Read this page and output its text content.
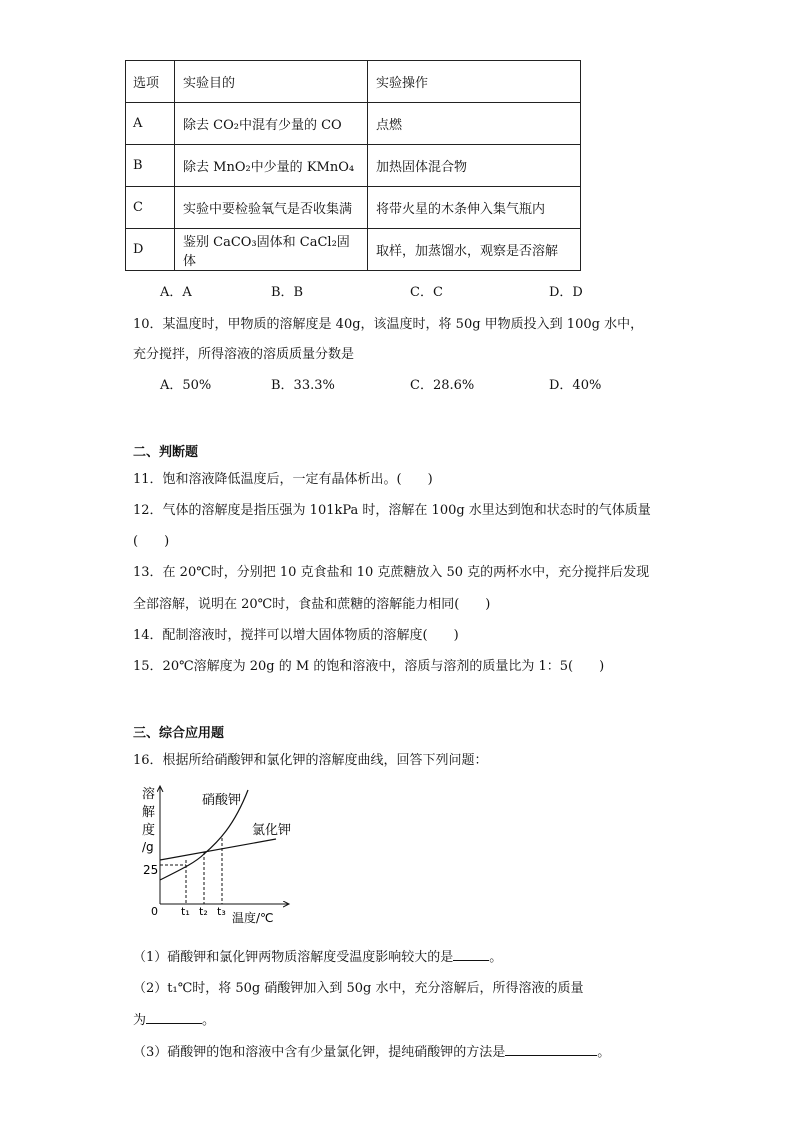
选项	实验目的	实验操作
A	除去 CO₂中混有少量的 CO	点燃
B	除去 MnO₂中少量的 KMnO₄	加热固体混合物
C	实验中要检验氧气是否收集满	将带火星的木条伸入集气瓶内
D	鉴别 CaCO₃固体和 CaCl₂固体	取样，加蒸馏水，观察是否溶解
A．A	B．B	C．C	D．D
10．某温度时，甲物质的溶解度是 40g，该温度时，将 50g 甲物质投入到 100g 水中，
充分搅拌，所得溶液的溶质质量分数是
A．50%	B．33.3%	C．28.6%	D．40%
二、判断题
11．饱和溶液降低温度后，一定有晶体析出。(　　)
12．气体的溶解度是指压强为 101kPa 时，溶解在 100g 水里达到饱和状态时的气体质量
(　　)
13．在 20℃时，分别把 10 克食盐和 10 克蔗糖放入 50 克的两杯水中，充分搅拌后发现
全部溶解，说明在 20℃时，食盐和蔗糖的溶解能力相同(　　)
14．配制溶液时，搅拌可以增大固体物质的溶解度(　　)
15．20℃溶解度为 20g 的 M 的饱和溶液中，溶质与溶剂的质量比为 1：5(　　)
三、综合应用题
16．根据所给硝酸钾和氯化钾的溶解度曲线，回答下列问题：
溶
解
度
/g
25
0
硝酸钾
氯化钾
t₁ t₂ t₃ 温度/℃
（1）硝酸钾和氯化钾两物质溶解度受温度影响较大的是	。
（2）t₁℃时，将 50g 硝酸钾加入到 50g 水中，充分溶解后，所得溶液的质量
为	。
（3）硝酸钾的饱和溶液中含有少量氯化钾，提纯硝酸钾的方法是	。
